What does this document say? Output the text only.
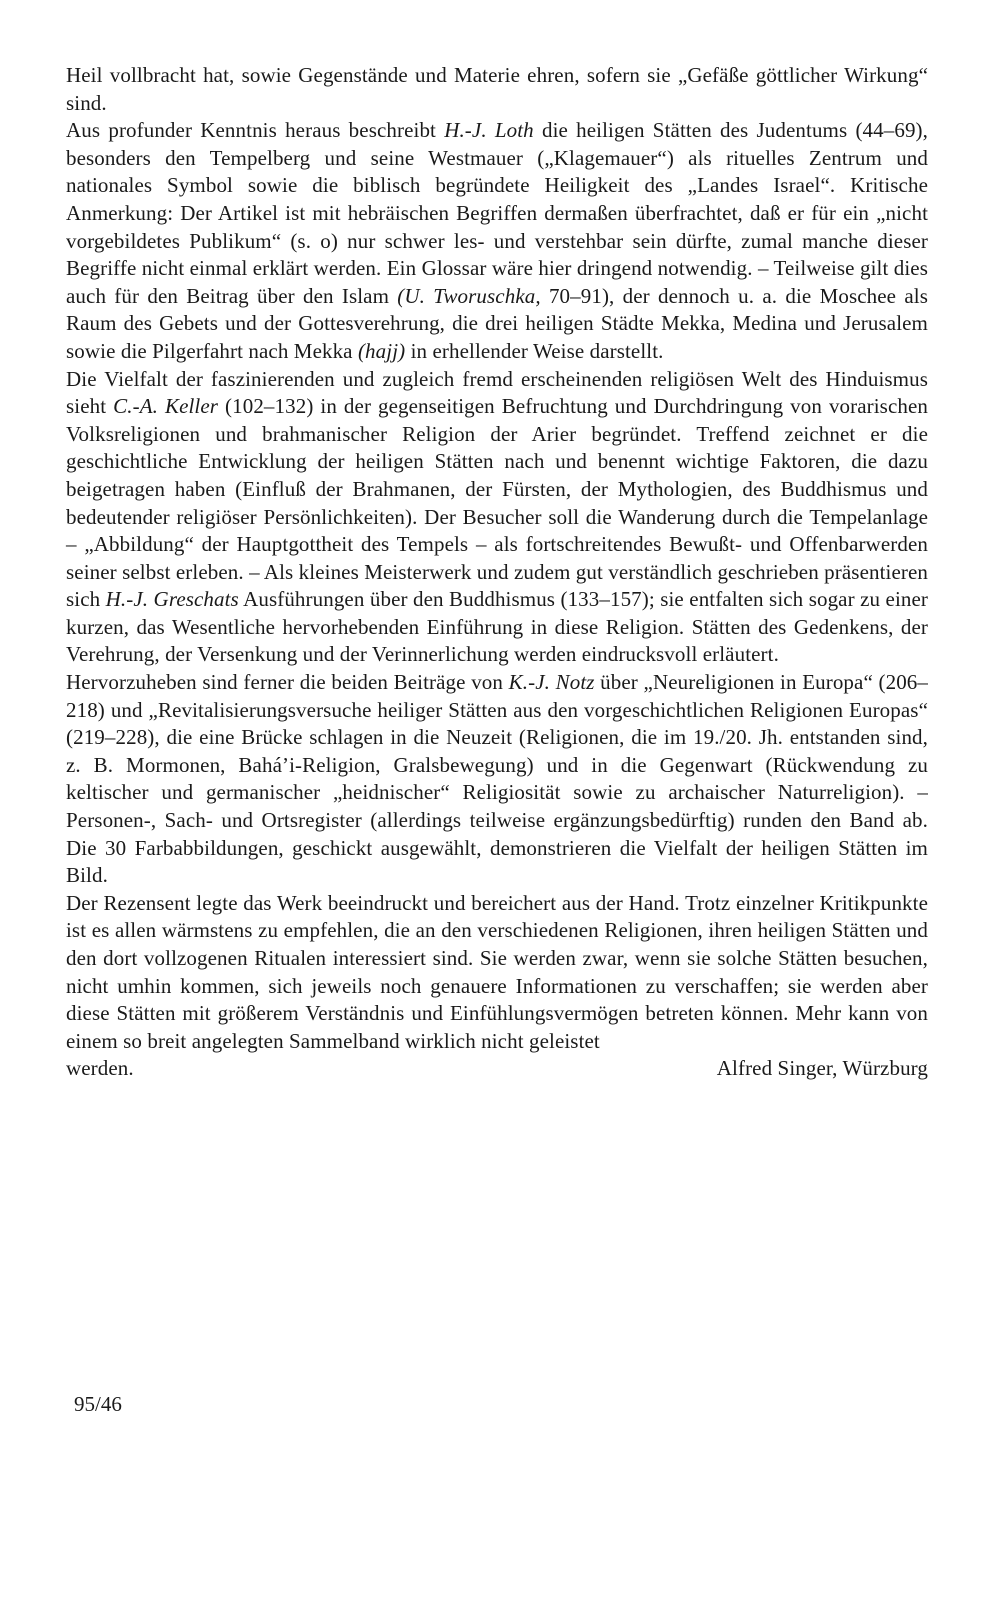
Heil vollbracht hat, sowie Gegenstände und Materie ehren, sofern sie „Gefäße göttlicher Wirkung“ sind.

Aus profunder Kenntnis heraus beschreibt H.-J. Loth die heiligen Stätten des Judentums (44–69), besonders den Tempelberg und seine Westmauer („Klagemauer“) als rituelles Zentrum und nationales Symbol sowie die biblisch begründete Heiligkeit des „Landes Israel“. Kritische Anmerkung: Der Artikel ist mit hebräischen Begriffen dermaßen überfrachtet, daß er für ein „nicht vorgebildetes Publikum“ (s. o) nur schwer les- und verstehbar sein dürfte, zumal manche dieser Begriffe nicht einmal erklärt werden. Ein Glossar wäre hier dringend notwendig. – Teilweise gilt dies auch für den Beitrag über den Islam (U. Tworuschka, 70–91), der dennoch u. a. die Moschee als Raum des Gebets und der Gottesverehrung, die drei heiligen Städte Mekka, Medina und Jerusalem sowie die Pilgerfahrt nach Mekka (hajj) in erhellender Weise darstellt.

Die Vielfalt der faszinierenden und zugleich fremd erscheinenden religiösen Welt des Hinduismus sieht C.-A. Keller (102–132) in der gegenseitigen Befruchtung und Durchdringung von vorarischen Volksreligionen und brahmanischer Religion der Arier begründet. Treffend zeichnet er die geschichtliche Entwicklung der heiligen Stätten nach und benennt wichtige Faktoren, die dazu beigetragen haben (Einfluß der Brahmanen, der Fürsten, der Mythologien, des Buddhismus und bedeutender religiöser Persönlichkeiten). Der Besucher soll die Wanderung durch die Tempelanlage – „Abbildung“ der Hauptgottheit des Tempels – als fortschreitendes Bewußt- und Offenbarwerden seiner selbst erleben. – Als kleines Meisterwerk und zudem gut verständlich geschrieben präsentieren sich H.-J. Greschats Ausführungen über den Buddhismus (133–157); sie entfalten sich sogar zu einer kurzen, das Wesentliche hervorhebenden Einführung in diese Religion. Stätten des Gedenkens, der Verehrung, der Versenkung und der Verinnerlichung werden eindrucksvoll erläutert.

Hervorzuheben sind ferner die beiden Beiträge von K.-J. Notz über „Neureligionen in Europa“ (206–218) und „Revitalisierungsversuche heiliger Stätten aus den vorgeschichtlichen Religionen Europas“ (219–228), die eine Brücke schlagen in die Neuzeit (Religionen, die im 19./20. Jh. entstanden sind, z. B. Mormonen, Bahá’i-Religion, Gralsbewegung) und in die Gegenwart (Rückwendung zu keltischer und germanischer „heidnischer“ Religiosität sowie zu archaischer Naturreligion). – Personen-, Sach- und Ortsregister (allerdings teilweise ergänzungsbedürftig) runden den Band ab. Die 30 Farbabbildungen, geschickt ausgewählt, demonstrieren die Vielfalt der heiligen Stätten im Bild.

Der Rezensent legte das Werk beeindruckt und bereichert aus der Hand. Trotz einzelner Kritikpunkte ist es allen wärmstens zu empfehlen, die an den verschiedenen Religionen, ihren heiligen Stätten und den dort vollzogenen Ritualen interessiert sind. Sie werden zwar, wenn sie solche Stätten besuchen, nicht umhin kommen, sich jeweils noch genauere Informationen zu verschaffen; sie werden aber diese Stätten mit größerem Verständnis und Einfühlungsvermögen betreten können. Mehr kann von einem so breit angelegten Sammelband wirklich nicht geleistet

werden.	Alfred Singer, Würzburg

95/46
